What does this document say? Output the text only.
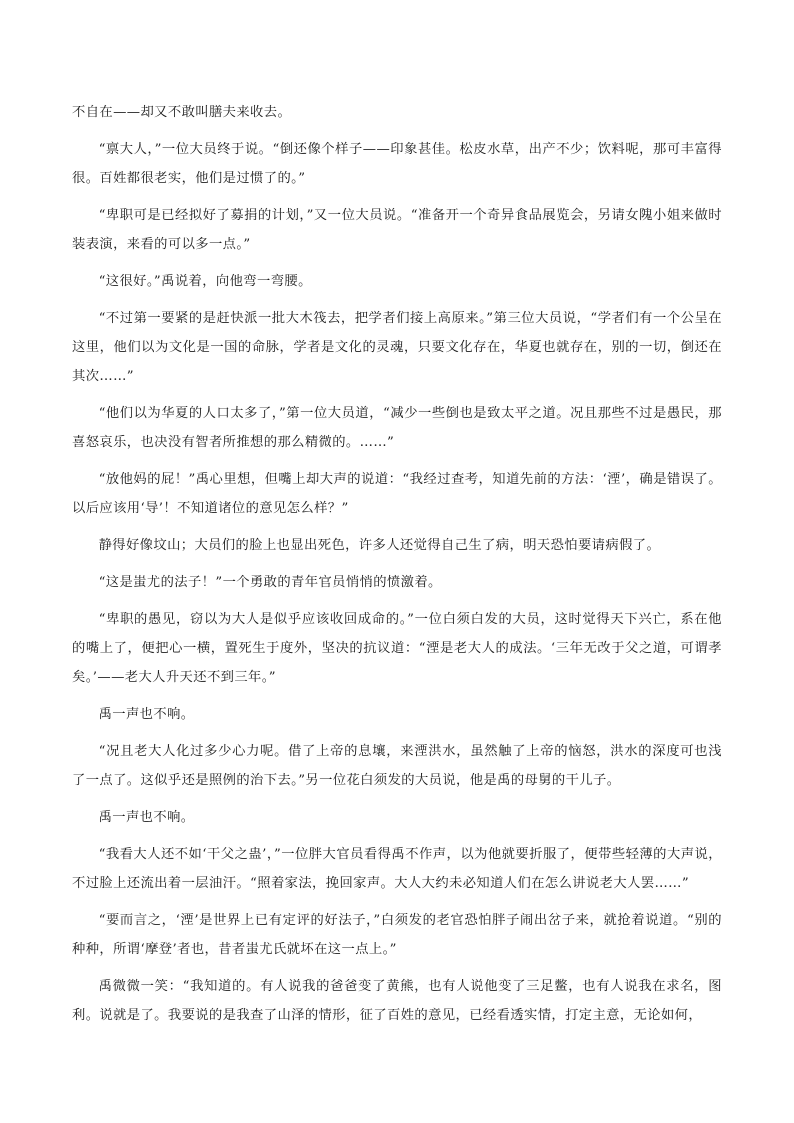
不自在——却又不敢叫膳夫来收去。

“禀大人，”一位大员终于说。“倒还像个样子——印象甚佳。松皮水草，出产不少；饮料呢，那可丰富得很。百姓都很老实，他们是过惯了的。”

“卑职可是已经拟好了募捐的计划，”又一位大员说。“准备开一个奇异食品展览会，另请女隗小姐来做时装表演，来看的可以多一点。”

“这很好。”禹说着，向他弯一弯腰。

“不过第一要紧的是赶快派一批大木筏去，把学者们接上高原来。”第三位大员说，“学者们有一个公呈在这里，他们以为文化是一国的命脉，学者是文化的灵魂，只要文化存在，华夏也就存在，别的一切，倒还在其次……”

“他们以为华夏的人口太多了，”第一位大员道，“减少一些倒也是致太平之道。况且那些不过是愚民，那喜怒哀乐，也决没有智者所推想的那么精微的。……”

“放他妈的屁！”禹心里想，但嘴上却大声的说道：“我经过查考，知道先前的方法：‘湮’，确是错误了。以后应该用‘导’！不知道诸位的意见怎么样？”

静得好像坟山；大员们的脸上也显出死色，许多人还觉得自己生了病，明天恐怕要请病假了。

“这是蚩尤的法子！”一个勇敢的青年官员悄悄的愤激着。

“卑职的愚见，窃以为大人是似乎应该收回成命的。”一位白须白发的大员，这时觉得天下兴亡，系在他的嘴上了，便把心一横，置死生于度外，坚决的抗议道：“湮是老大人的成法。‘三年无改于父之道，可谓孝矣。’——老大人升天还不到三年。”

禹一声也不响。

“况且老大人化过多少心力呢。借了上帝的息壤，来湮洪水，虽然触了上帝的恼怒，洪水的深度可也浅了一点了。这似乎还是照例的治下去。”另一位花白须发的大员说，他是禹的母舅的干儿子。

禹一声也不响。

“我看大人还不如‘干父之蛊’，”一位胖大官员看得禹不作声，以为他就要折服了，便带些轻薄的大声说，不过脸上还流出着一层油汗。“照着家法，挽回家声。大人大约未必知道人们在怎么讲说老大人罢……”

“要而言之，‘湮’是世界上已有定评的好法子，”白须发的老官恐怕胖子闹出岔子来，就抢着说道。“别的种种，所谓‘摩登’者也，昔者蚩尤氏就坏在这一点上。”

禹微微一笑：“我知道的。有人说我的爸爸变了黄熊，也有人说他变了三足鳖，也有人说我在求名，图利。说就是了。我要说的是我查了山泽的情形，征了百姓的意见，已经看透实情，打定主意，无论如何，
